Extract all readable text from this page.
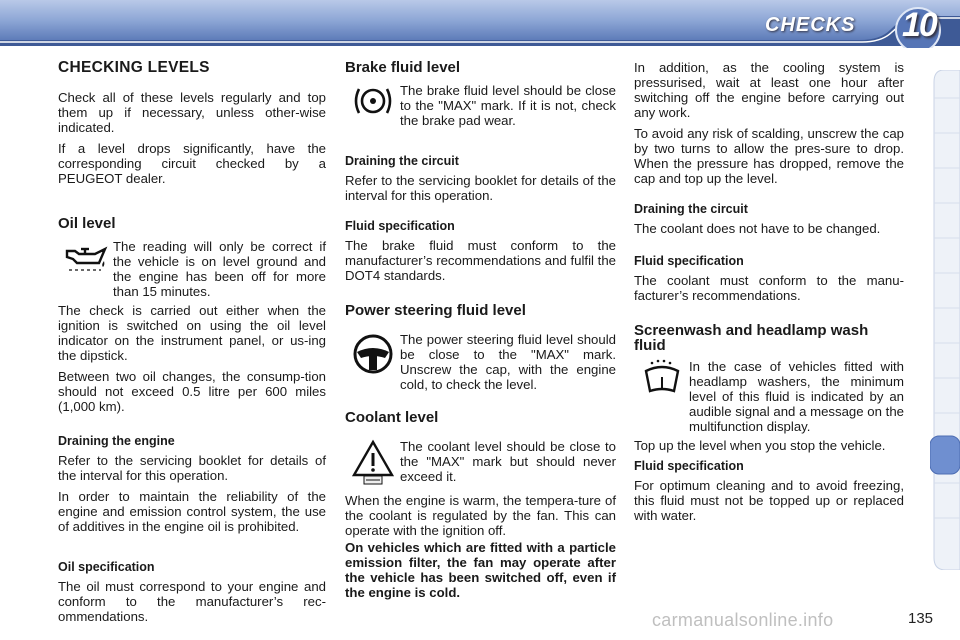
CHECKS 10
CHECKING LEVELS

Check all of these levels regularly and top them up if necessary, unless other-wise indicated.

If a level drops significantly, have the corresponding circuit checked by a PEUGEOT dealer.

Oil level
The reading will only be correct if the vehicle is on level ground and the engine has been off for more than 15 minutes.

The check is carried out either when the ignition is switched on using the oil level indicator on the instrument panel, or us-ing the dipstick.

Between two oil changes, the consump-tion should not exceed 0.5 litre per 600 miles (1,000 km).

Draining the engine

Refer to the servicing booklet for details of the interval for this operation.

In order to maintain the reliability of the engine and emission control system, the use of additives in the engine oil is prohibited.

Oil specification

The oil must correspond to your engine and conform to the manufacturer’s rec-ommendations.

Brake fluid level
The brake fluid level should be close to the "MAX" mark. If it is not, check the brake pad wear.
Draining the circuit

Refer to the servicing booklet for details of the interval for this operation.

Fluid specification

The brake fluid must conform to the manufacturer’s recommendations and fulfil the DOT4 standards.

Power steering fluid level
The power steering fluid level should be close to the "MAX" mark. Unscrew the cap, with the engine cold, to check the level.
Coolant level
The coolant level should be close to the "MAX" mark but should never exceed it.

When the engine is warm, the tempera-ture of the coolant is regulated by the fan. This can operate with the ignition off.

On vehicles which are fitted with a particle emission filter, the fan may operate after the vehicle has been switched off, even if the engine is cold.

In addition, as the cooling system is pressurised, wait at least one hour after switching off the engine before carrying out any work.

To avoid any risk of scalding, unscrew the cap by two turns to allow the pres-sure to drop. When the pressure has dropped, remove the cap and top up the level.

Draining the circuit

The coolant does not have to be changed.

Fluid specification

The coolant must conform to the manu-facturer’s recommendations.

Screenwash and headlamp wash fluid
In the case of vehicles fitted with headlamp washers, the minimum level of this fluid is indicated by an audible signal and a message on the multifunction display.

Top up the level when you stop the vehicle.

Fluid specification

For optimum cleaning and to avoid freezing, this fluid must not be topped up or replaced with water.

carmanualsonline.info	135
